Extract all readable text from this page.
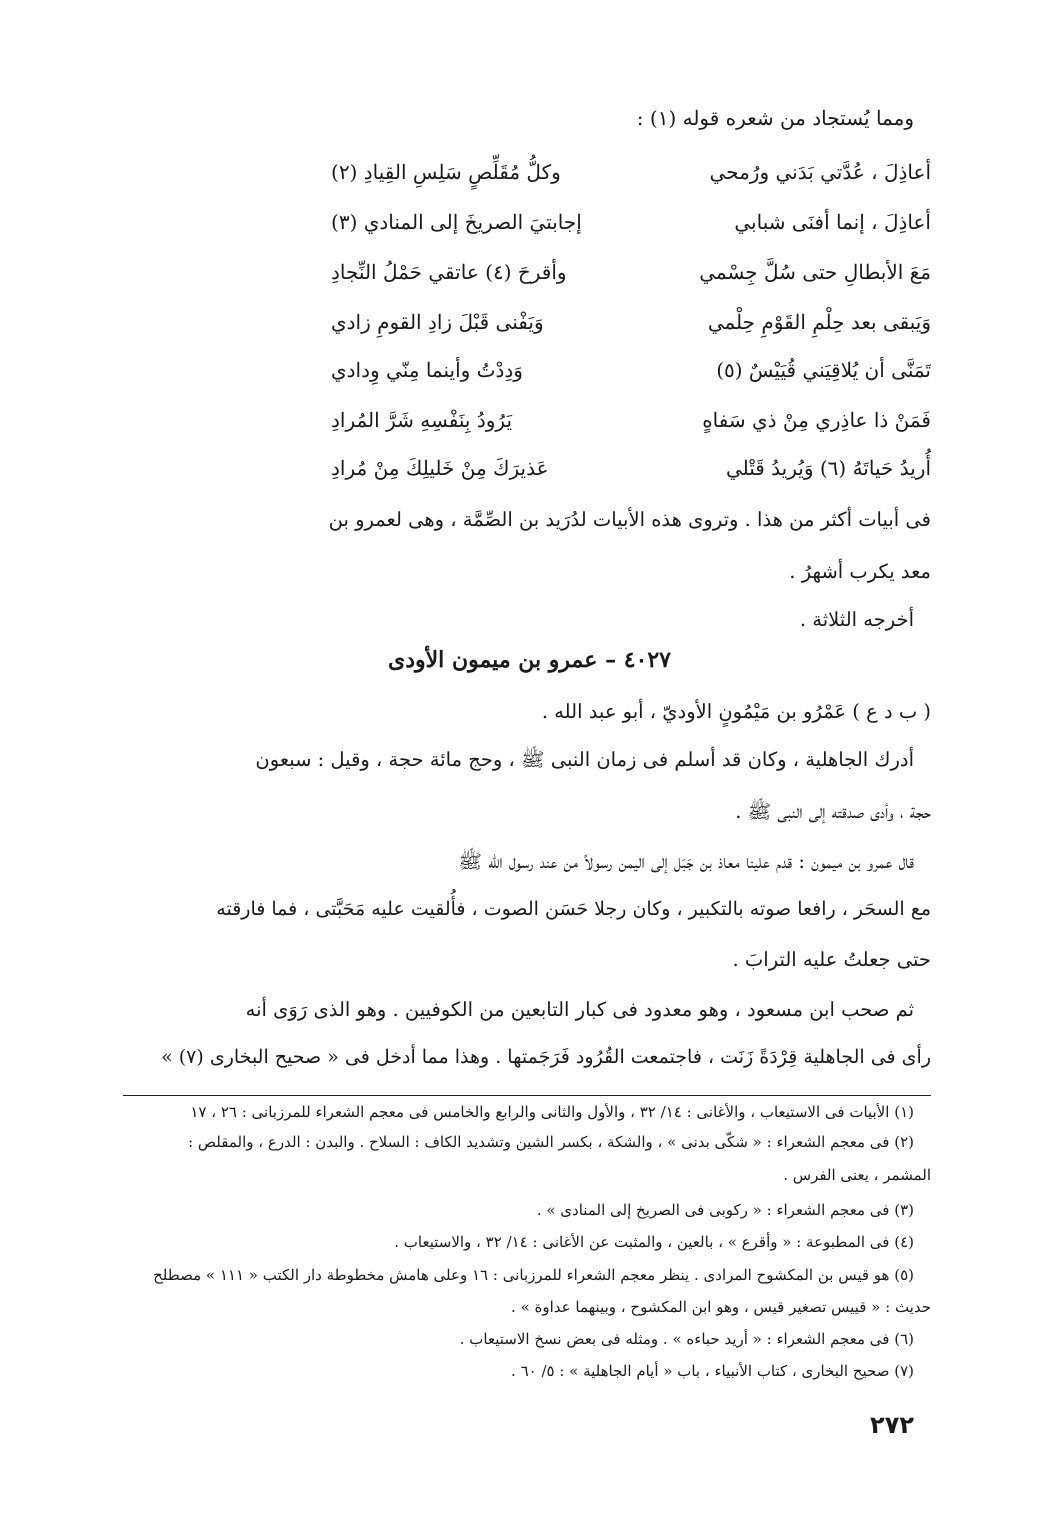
ومما يُستجاد من شعره قوله (١) :
أعاذِلَ ، عُدَّتي بَدَني ورُمحي
وكلُّ مُقَلِّصٍ سَلِسِ القِيادِ (٢)
أعاذِلَ ، إنما أفنَى شبابي
إجابتيَ الصريخَ إلى المنادي (٣)
مَعَ الأبطالِ حتى سُلَّ جِسْمي
وأقرحَ (٤) عاتقي حَمْلُ النِّجادِ
وَيَبقى بعد حِلْمِ القَوْمِ حِلْمي
وَيَفْنى قَبْلَ زادِ القومِ زادي
تَمَنَّى أن يُلاقِيَني قُيَيْسٌ (٥)
وَدِدْتُ وأينما مِنّي وِدادي
فَمَنْ ذا عاذِري مِنْ ذي سَفاهٍ
يَرُودُ بِنَفْسِهِ شَرَّ المُرادِ
أُريدُ حَياتَهُ (٦) وَيُريدُ قَتْلي
عَذيرَكَ مِنْ خَليلِكَ مِنْ مُرادِ
فى أبيات أكثر من هذا . وتروى هذه الأبيات لدُرَيد بن الصِّمَّة ، وهى لعمرو بن
معد يكرب أشهرُ .
أخرجه الثلاثة .
٤٠٢٧ – عمرو بن ميمون الأودى
( ب د ع ) عَمْرُو بن مَيْمُونٍ الأوديّ ، أبو عبد الله .
أدرك الجاهلية ، وكان قد أسلم فى زمان النبى ﷺ ، وحج مائة حجة ، وقيل : سبعون
حجة ، وأدى صدقته إلى النبى ﷺ .
قال عمرو بن ميمون : قدم علينا معاذ بن جَبَل إلى اليمن رسولاً من عند رسول الله ﷺ
مع السحَر ، رافعا صوته بالتكبير ، وكان رجلا حَسَن الصوت ، فأُلقيت عليه مَحَبَّتى ، فما فارقته
حتى جعلتُ عليه الترابَ .
ثم صحب ابن مسعود ، وهو معدود فى كبار التابعين من الكوفيين . وهو الذى رَوَى أنه
رأى فى الجاهلية قِرْدَةً زَنَت ، فاجتمعت القُرُود فَرَجَمتها . وهذا مما أدخل فى « صحيح البخارى (٧) »
(١) الأبيات فى الاستيعاب ، والأغانى : ١٤/ ٣٢ ، والأول والثانى والرابع والخامس فى معجم الشعراء للمرزبانى : ٢٦ ، ١٧
(٢) فى معجم الشعراء : « شكّى بدنى » ، والشكة ، بكسر الشين وتشديد الكاف : السلاح . والبدن : الدرع ، والمقلص :
المشمر ، يعنى الفرس .
(٣) فى معجم الشعراء : « ركوبى فى الصريخ إلى المنادى » .
(٤) فى المطبوعة : « وأقرع » ، بالعين ، والمثبت عن الأغانى : ١٤/ ٣٢ ، والاستيعاب .
(٥) هو قيس بن المكشوح المرادى . ينظر معجم الشعراء للمرزبانى : ١٦ وعلى هامش مخطوطة دار الكتب « ١١١ » مصطلح
حديث : « قييس تصغير قيس ، وهو ابن المكشوح ، وبينهما عداوة » .
(٦) فى معجم الشعراء : « أريد حباءه » . ومثله فى بعض نسخ الاستيعاب .
(٧) صحيح البخارى ، كتاب الأنبياء ، باب « أيام الجاهلية » : ٥/ ٦٠ .
٢٧٢
